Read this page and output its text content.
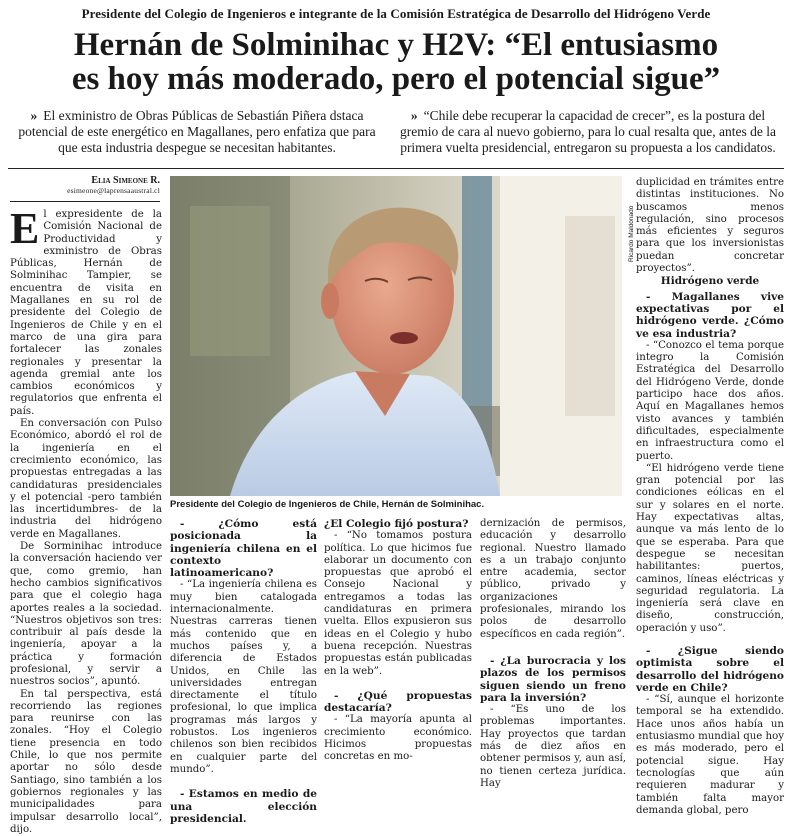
Presidente del Colegio de Ingenieros e integrante de la Comisión Estratégica de Desarrollo del Hidrógeno Verde
Hernán de Solminihac y H2V: “El entusiasmo
es hoy más moderado, pero el potencial sigue”
» El exministro de Obras Públicas de Sebastián Piñera dstaca potencial de este energético en Magallanes, pero enfatiza que para que esta industria despegue se necesitan habitantes.
» “Chile debe recuperar la capacidad de crecer”, es la postura del gremio de cara al nuevo gobierno, para lo cual resalta que, antes de la primera vuelta presidencial, entregaron su propuesta a los candidatos.
Elia Simeone R.
esimeone@laprensaaustral.cl

El expresidente de la Comisión Nacional de Productividad y exministro de Obras Públicas, Hernán de Solminihac Tampier, se encuentra de visita en Magallanes en su rol de presidente del Colegio de Ingenieros de Chile y en el marco de una gira para fortalecer las zonales regionales y presentar la agenda gremial ante los cambios económicos y regulatorios que enfrenta el país.

En conversación con Pulso Económico, abordó el rol de la ingeniería en el crecimiento económico, las propuestas entregadas a las candidaturas presidenciales y el potencial -pero también las incertidumbres- de la industria del hidrógeno verde en Magallanes.

De Sorminihac introduce la conversación haciendo ver que, como gremio, han hecho cambios significativos para que el colegio haga aportes reales a la sociedad. “Nuestros objetivos son tres: contribuir al país desde la ingeniería, apoyar a la práctica y formación profesional, y servir a nuestros socios”, apuntó.

En tal perspectiva, está recorriendo las regiones para reunirse con las zonales. “Hoy el Colegio tiene presencia en todo Chile, lo que nos permite aportar no sólo desde Santiago, sino también a los gobiernos regionales y las municipalidades para impulsar desarrollo local”, dijo.

Ricardo Maldonado
Presidente del Colegio de Ingenieros de Chile, Hernán de Solminihac.

- ¿Cómo está posicionada la ingeniería chilena en el contexto latinoamericano?

- “La ingeniería chilena es muy bien catalogada internacionalmente. Nuestras carreras tienen más contenido que en muchos países y, a diferencia de Estados Unidos, en Chile las universidades entregan directamente el título profesional, lo que implica programas más largos y robustos. Los ingenieros chilenos son bien recibidos en cualquier parte del mundo”.

- Estamos en medio de una elección presidencial.

¿El Colegio fijó postura?

- “No tomamos postura política. Lo que hicimos fue elaborar un documento con propuestas que aprobó el Consejo Nacional y entregamos a todas las candidaturas en primera vuelta. Ellos expusieron sus ideas en el Colegio y hubo buena recepción. Nuestras propuestas están publicadas en la web”.

- ¿Qué propuestas destacaría?

- “La mayoría apunta al crecimiento económico. Hicimos propuestas concretas en mo-

dernización de permisos, educación y desarrollo regional. Nuestro llamado es a un trabajo conjunto entre academia, sector público, privado y organizaciones profesionales, mirando los polos de desarrollo específicos en cada región”.

- ¿La burocracia y los plazos de los permisos siguen siendo un freno para la inversión?

- “Es uno de los problemas importantes. Hay proyectos que tardan más de diez años en obtener permisos y, aun así, no tienen certeza jurídica. Hay

duplicidad en trámites entre distintas instituciones. No buscamos menos regulación, sino procesos más eficientes y seguros para que los inversionistas puedan concretar proyectos”.

Hidrógeno verde

- Magallanes vive expectativas por el hidrógeno verde. ¿Cómo ve esa industria?

- “Conozco el tema porque integro la Comisión Estratégica del Desarrollo del Hidrógeno Verde, donde participo hace dos años. Aquí en Magallanes hemos visto avances y también dificultades, especialmente en infraestructura como el puerto.

“El hidrógeno verde tiene gran potencial por las condiciones eólicas en el sur y solares en el norte. Hay expectativas altas, aunque va más lento de lo que se esperaba. Para que despegue se necesitan habilitantes: puertos, caminos, líneas eléctricas y seguridad regulatoria. La ingeniería será clave en diseño, construcción, operación y uso”.

- ¿Sigue siendo optimista sobre el desarrollo del hidrógeno verde en Chile?

- “Sí, aunque el horizonte temporal se ha extendido. Hace unos años había un entusiasmo mundial que hoy es más moderado, pero el potencial sigue. Hay tecnologías que aún requieren madurar y también falta mayor demanda global, pero
